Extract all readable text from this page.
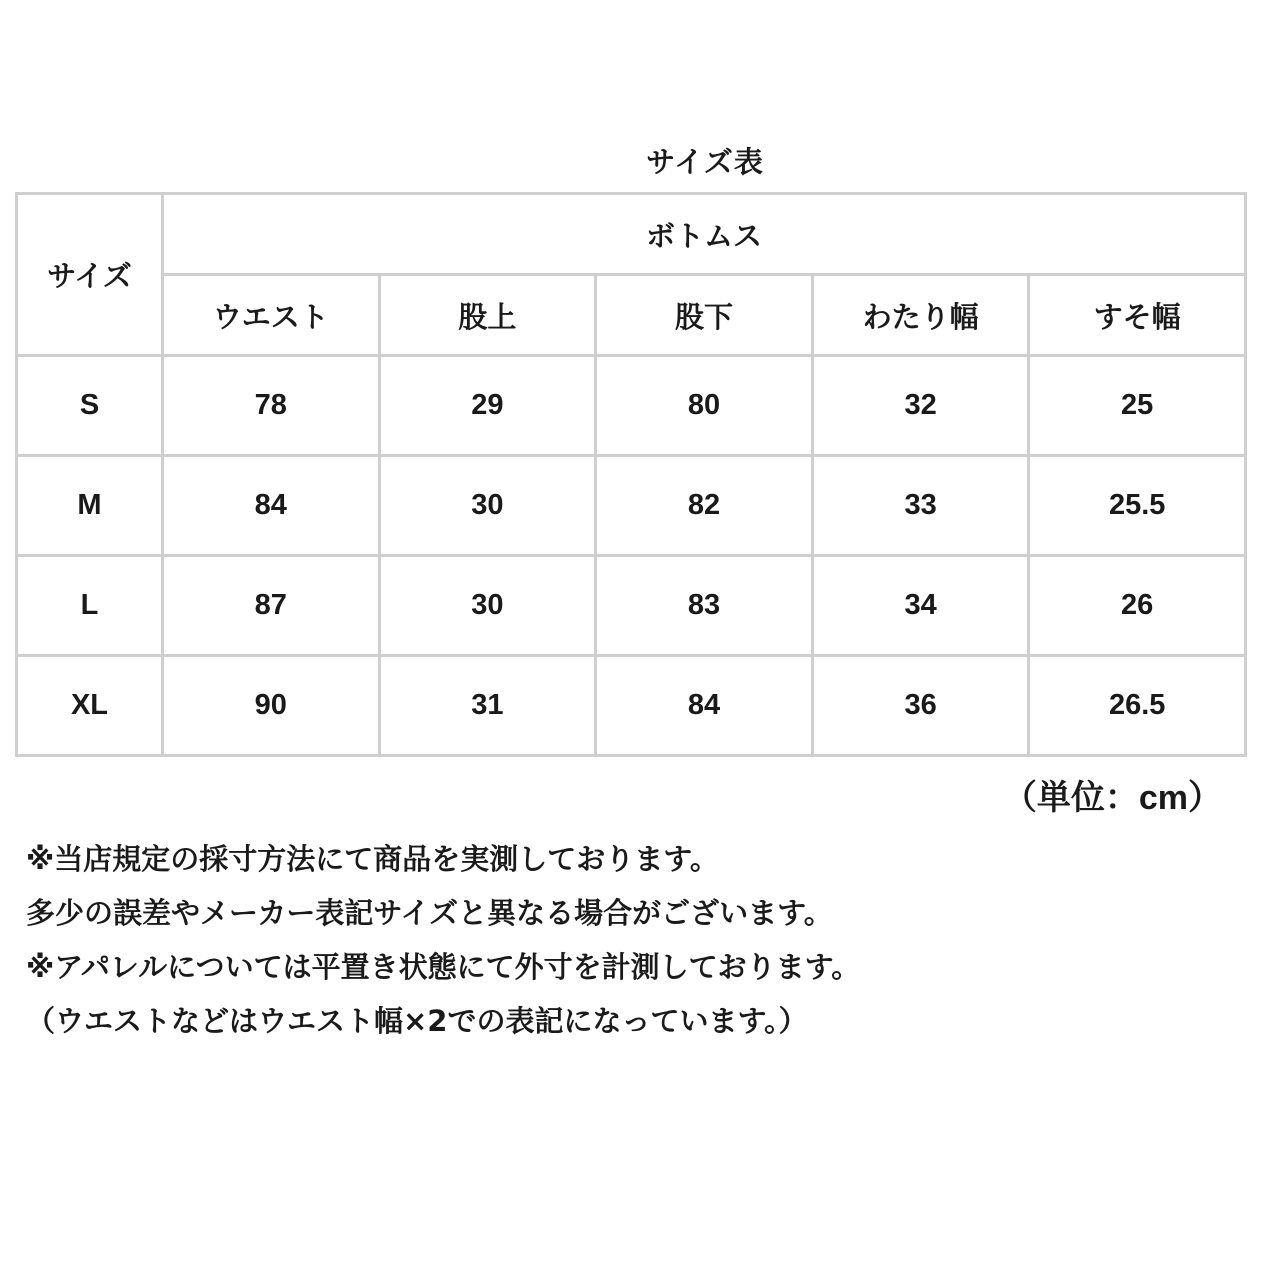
サイズ表
サイズ	ボトムス				
	ウエスト	股上	股下	わたり幅	すそ幅
S	78	29	80	32	25
M	84	30	82	33	25.5
L	87	30	83	34	26
XL	90	31	84	36	26.5
（単位：cm）
※当店規定の採寸方法にて商品を実測しております。
多少の誤差やメーカー表記サイズと異なる場合がございます。
※アパレルについては平置き状態にて外寸を計測しております。
（ウエストなどはウエスト幅×2での表記になっています。）
